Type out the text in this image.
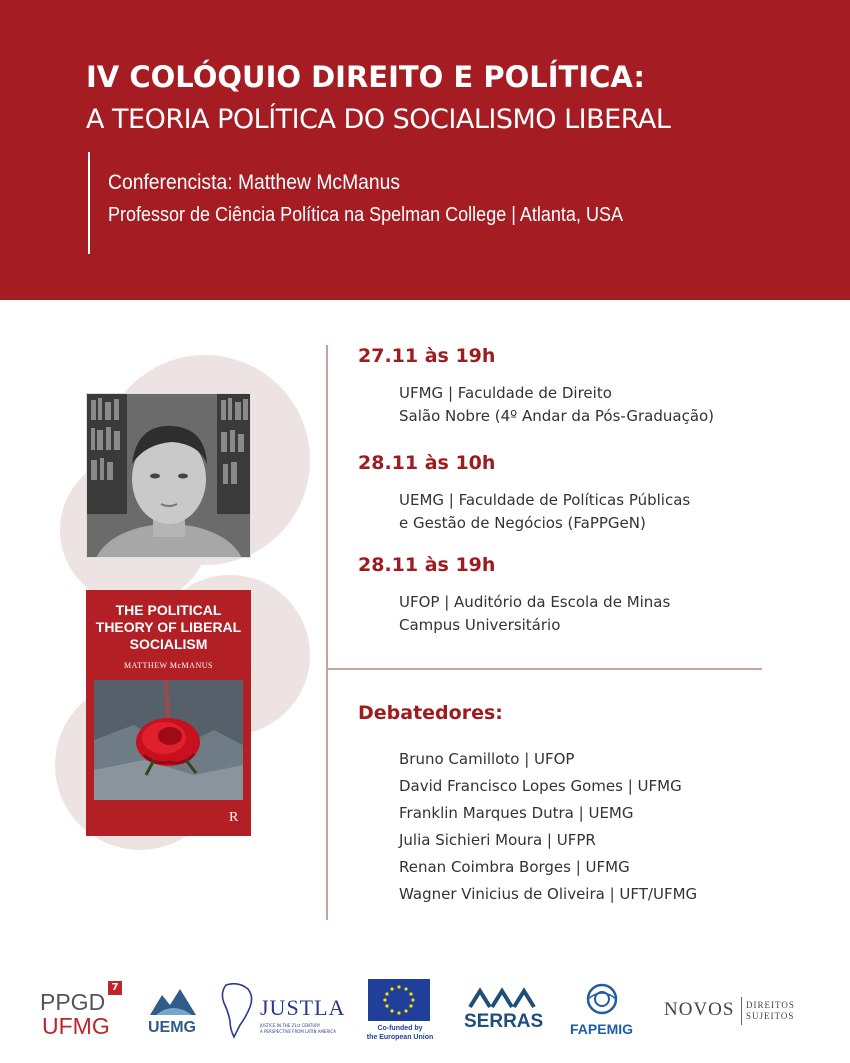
IV COLÓQUIO DIREITO E POLÍTICA:
A TEORIA POLÍTICA DO SOCIALISMO LIBERAL
Conferencista: Matthew McManus
Professor de Ciência Política na Spelman College | Atlanta, USA
THE POLITICAL THEORY OF LIBERAL SOCIALISM
MATTHEW McMANUS
R
27.11 às 19h
UFMG | Faculdade de Direito
Salão Nobre (4º Andar da Pós-Graduação)
28.11 às 10h
UEMG | Faculdade de Políticas Públicas
e Gestão de Negócios (FaPPGeN)
28.11 às 19h
UFOP | Auditório da Escola de Minas
Campus Universitário
Debatedores:
Bruno Camilloto | UFOP
David Francisco Lopes Gomes | UFMG
Franklin Marques Dutra | UEMG
Julia Sichieri Moura | UFPR
Renan Coimbra Borges | UFMG
Wagner Vinicius de Oliveira | UFT/UFMG
PPGD
7
UFMG UEMG
JUSTLA
JUSTICE IN THE 21st CENTURY
A PERSPECTIVE FROM LATIN AMERICA	Co-funded by
the European Union
SERRAS FAPEMIG
NOVOS DIREITOS
SUJEITOS
